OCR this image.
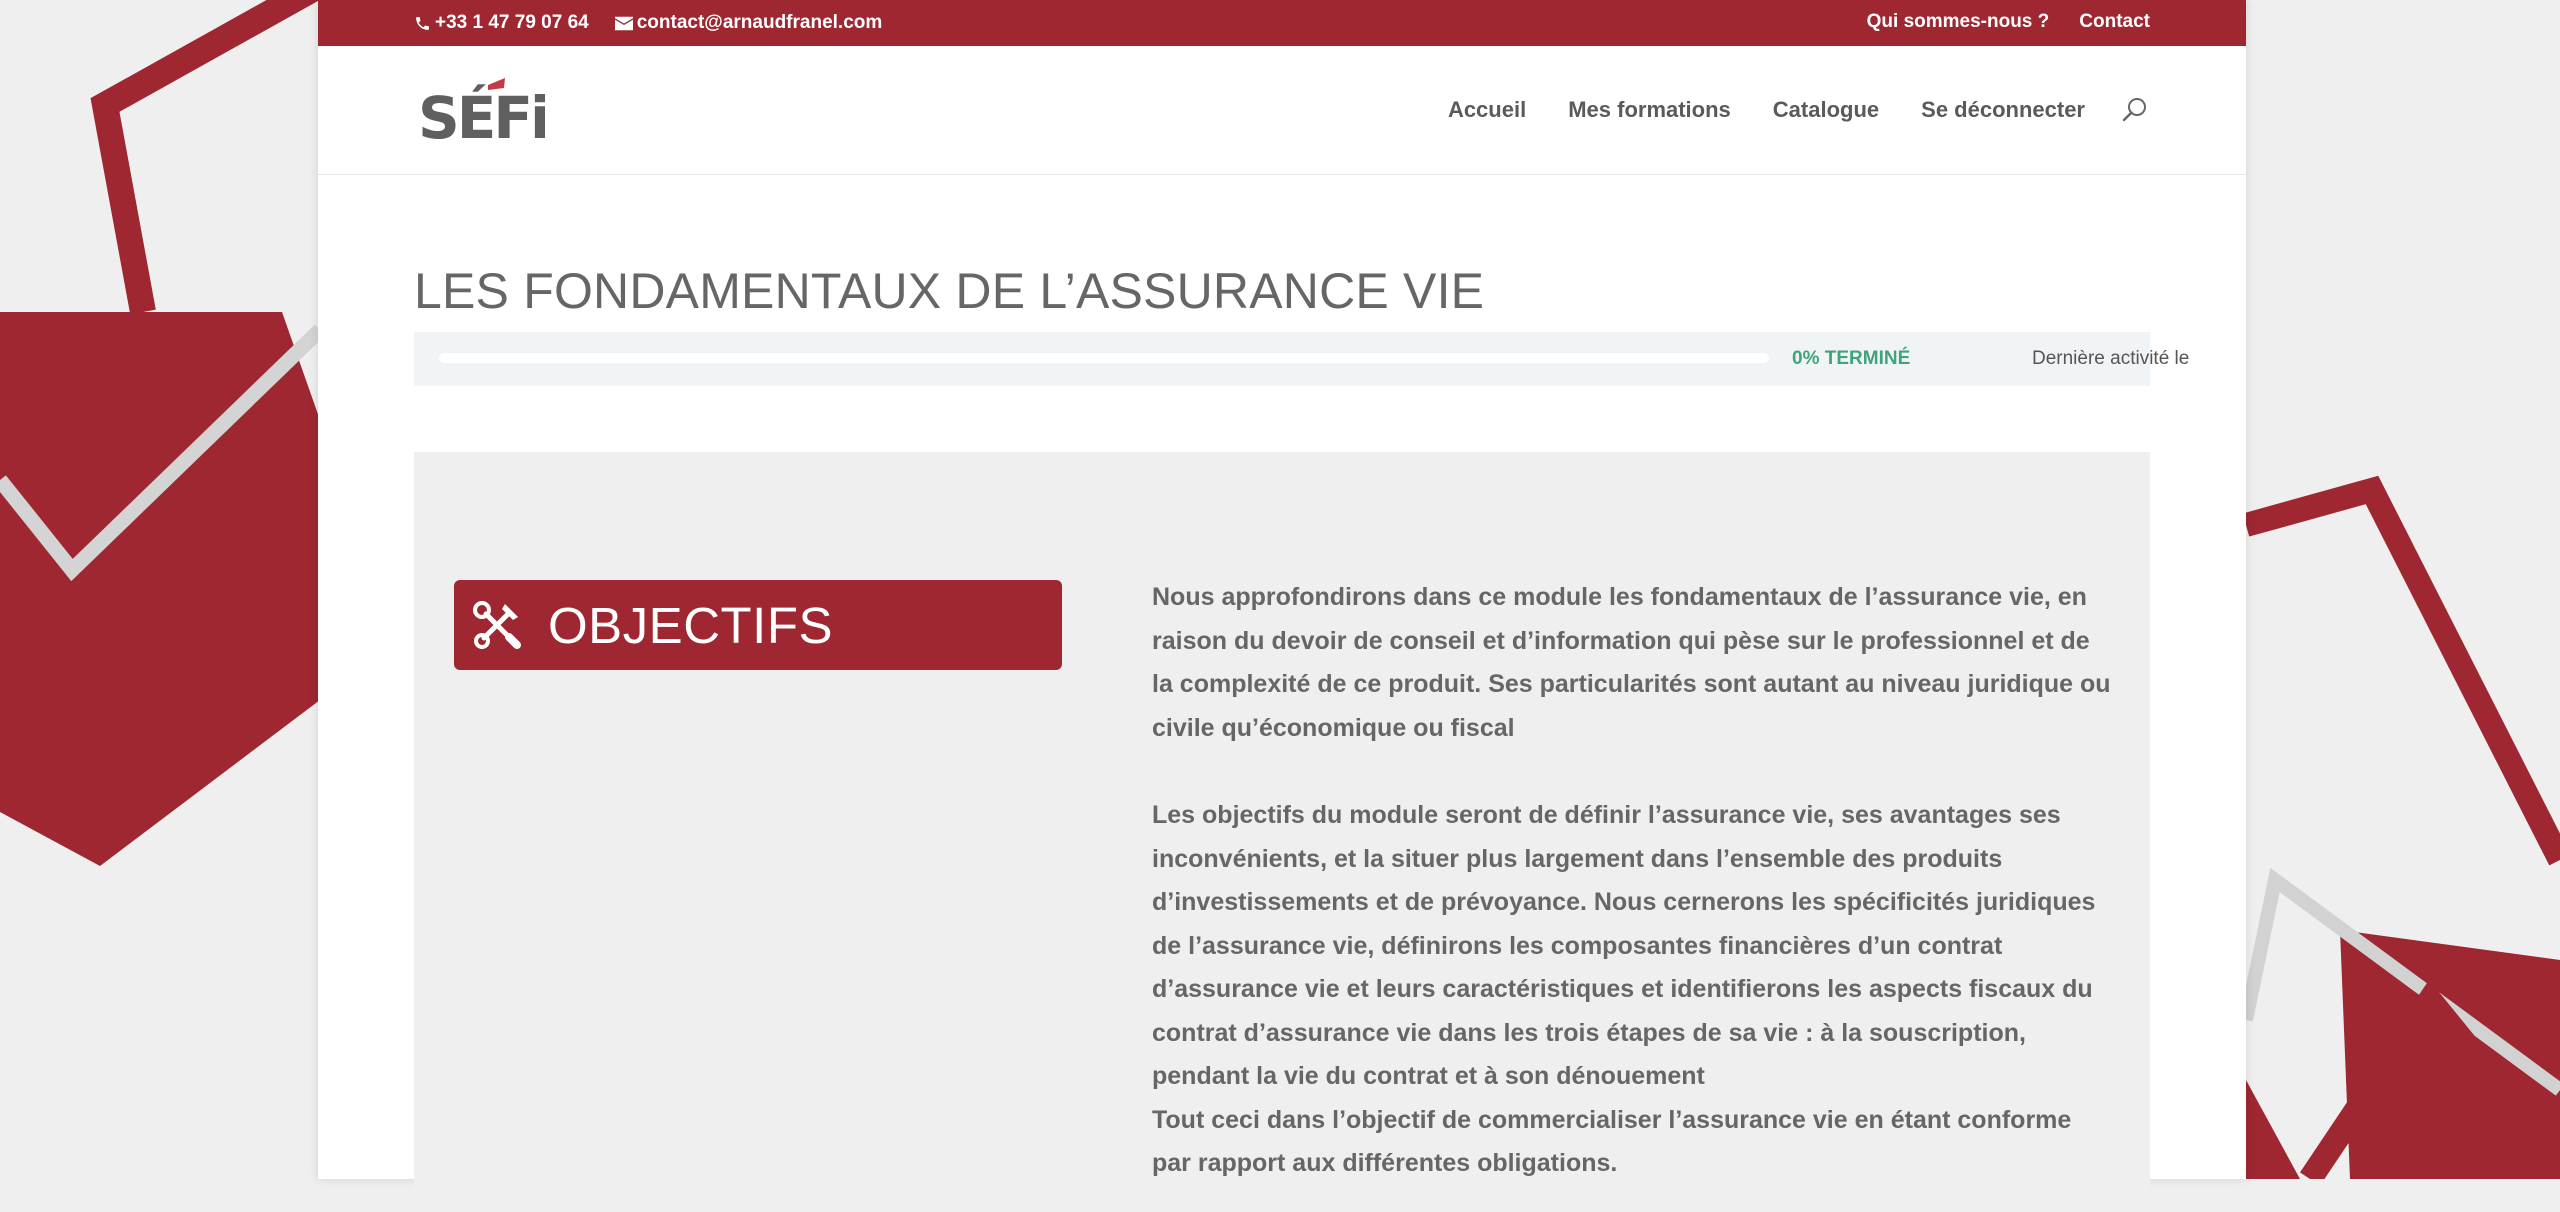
+33 1 47 79 07 64	contact@arnaudfranel.com	Qui sommes-nous ? Contact
SÉFi	Accueil Mes formations Catalogue Se déconnecter
LES FONDAMENTAUX DE L’ASSURANCE VIE
0% TERMINÉ	Dernière activité le
OBJECTIFS	Nous approfondirons dans ce module les fondamentaux de l’assurance vie, en raison du devoir de conseil et d’information qui pèse sur le professionnel et de la complexité de ce produit. Ses particularités sont autant au niveau juridique ou civile qu’économique ou fiscal

Les objectifs du module seront de définir l’assurance vie, ses avantages ses inconvénients, et la situer plus largement dans l’ensemble des produits d’investissements et de prévoyance. Nous cernerons les spécificités juridiques de l’assurance vie, définirons les composantes financières d’un contrat d’assurance vie et leurs caractéristiques et identifierons les aspects fiscaux du contrat d’assurance vie dans les trois étapes de sa vie : à la souscription, pendant la vie du contrat et à son dénouement

Tout ceci dans l’objectif de commercialiser l’assurance vie en étant conforme par rapport aux différentes obligations.
